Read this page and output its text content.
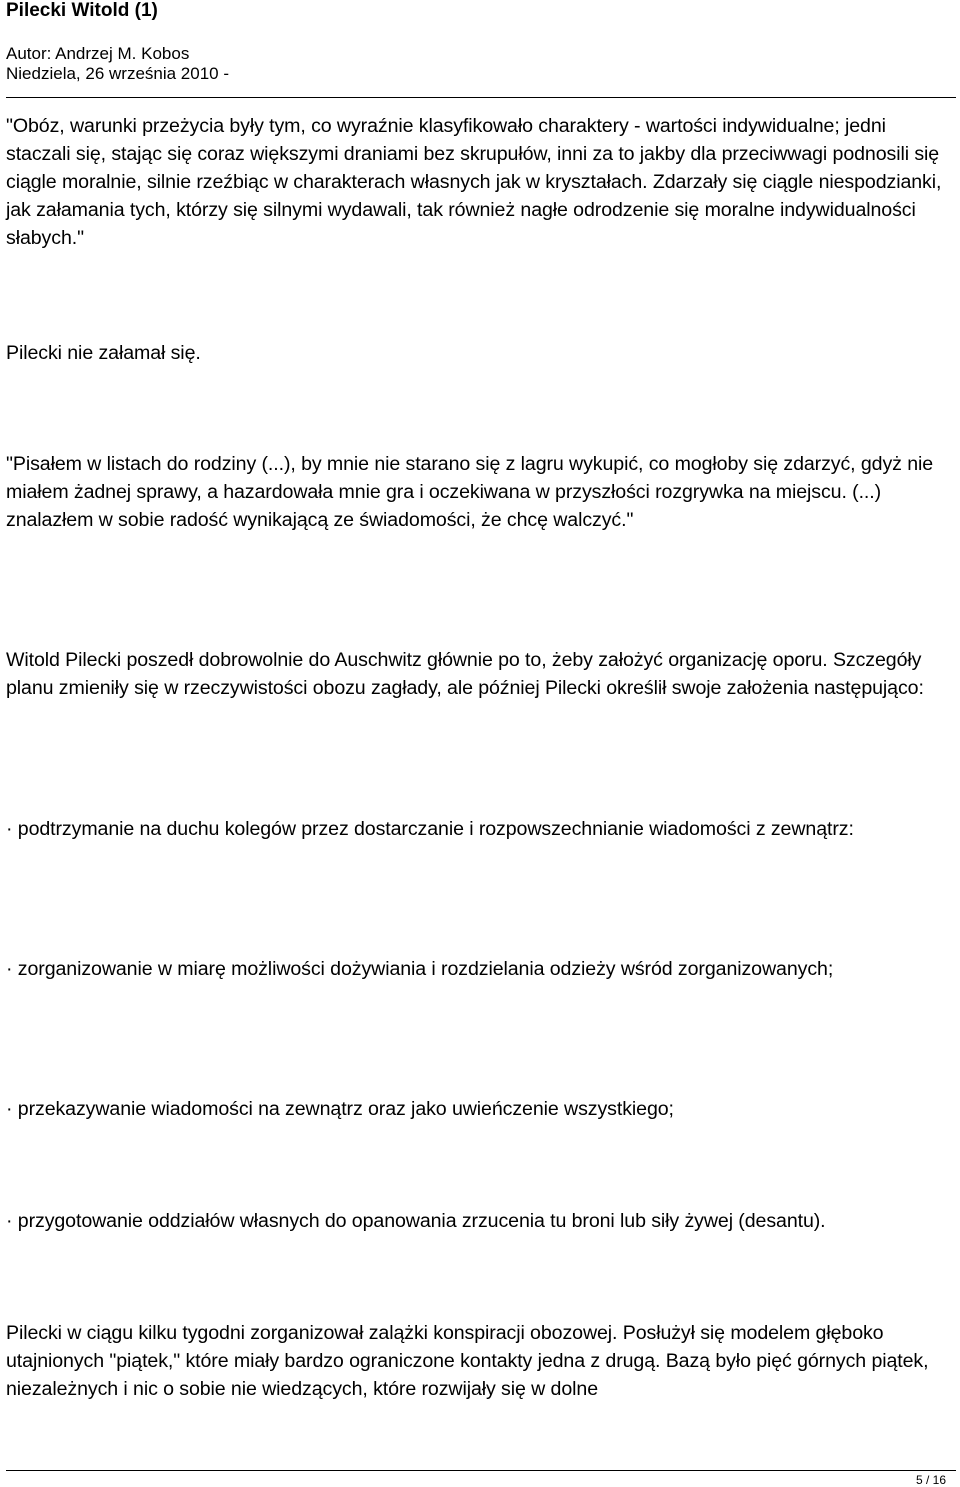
Pilecki Witold (1)

Autor: Andrzej M. Kobos

Niedziela, 26 września 2010 -

"Obóz, warunki przeżycia były tym, co wyraźnie klasyfikowało charaktery - wartości indywidualne; jedni staczali się, stając się coraz większymi draniami bez skrupułów, inni za to jakby dla przeciwwagi podnosili się ciągle moralnie, silnie rzeźbiąc w charakterach własnych jak w kryształach. Zdarzały się ciągle niespodzianki, jak załamania tych, którzy się silnymi wydawali, tak również nagłe odrodzenie się moralne indywidualności słabych."

Pilecki nie załamał się.

"Pisałem w listach do rodziny (...), by mnie nie starano się z lagru wykupić, co mogłoby się zdarzyć, gdyż nie miałem żadnej sprawy, a hazardowała mnie gra i oczekiwana w przyszłości rozgrywka na miejscu. (...) znalazłem w sobie radość wynikającą ze świadomości, że chcę walczyć."

Witold Pilecki poszedł dobrowolnie do Auschwitz głównie po to, żeby założyć organizację oporu. Szczegóły planu zmieniły się w rzeczywistości obozu zagłady, ale później Pilecki określił swoje założenia następująco:

· podtrzymanie na duchu kolegów przez dostarczanie i rozpowszechnianie wiadomości z zewnątrz:

· zorganizowanie w miarę możliwości dożywiania i rozdzielania odzieży wśród zorganizowanych;

· przekazywanie wiadomości na zewnątrz oraz jako uwieńczenie wszystkiego;

· przygotowanie oddziałów własnych do opanowania zrzucenia tu broni lub siły żywej (desantu).

Pilecki w ciągu kilku tygodni zorganizował zalążki konspiracji obozowej. Posłużył się modelem głęboko utajnionych "piątek," które miały bardzo ograniczone kontakty jedna z drugą. Bazą było pięć górnych piątek, niezależnych i nic o sobie nie wiedzących, które rozwijały się w dolne

5 / 16
